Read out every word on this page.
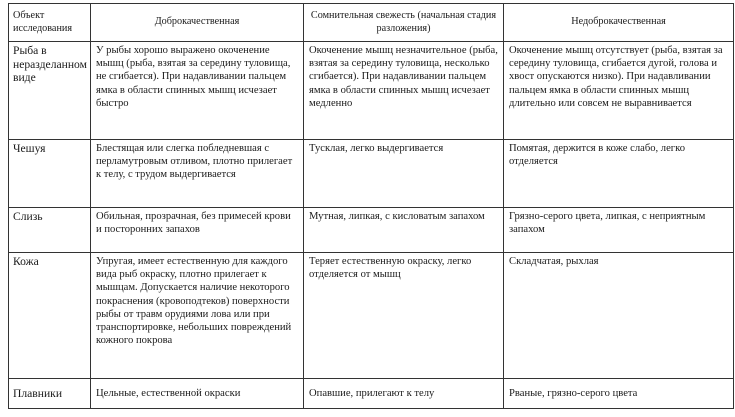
Объект исследования	Доброкачественная	Сомнительная свежесть (начальная стадия разложения)	Недоброкачественная
Рыба в неразделанном виде	У рыбы хорошо выражено окоченение мышц (рыба, взятая за середину туловища, не сгибается). При надавливании пальцем ямка в области спинных мышц исчезает быстро	Окоченение мышц незначительное (рыба, взятая за середину туловища, несколько сгибается). При надавливании пальцем ямка в области спинных мышц исчезает медленно	Окоченение мышц отсутствует (рыба, взятая за середину туловища, сгибается дугой, голова и хвост опускаются низко). При надавливании пальцем ямка в области спинных мышц длительно или совсем не выравнивается
Чешуя	Блестящая или слегка побледневшая с перламутровым отливом, плотно прилегает к телу, с трудом выдергивается	Тусклая, легко выдергивается	Помятая, держится в коже слабо, легко отделяется
Слизь	Обильная, прозрачная, без примесей крови и посторонних запахов	Мутная, липкая, с кисловатым запахом	Грязно-серого цвета, липкая, с неприятным запахом
Кожа	Упругая, имеет естественную для каждого вида рыб окраску, плотно прилегает к мышцам. Допускается наличие некоторого покраснения (кровоподтеков) поверхности рыбы от травм орудиями лова или при транспортировке, небольших повреждений кожного покрова	Теряет естественную окраску, легко отделяется от мышц	Складчатая, рыхлая
Плавники	Цельные, естественной окраски	Опавшие, прилегают к телу	Рваные, грязно-серого цвета
